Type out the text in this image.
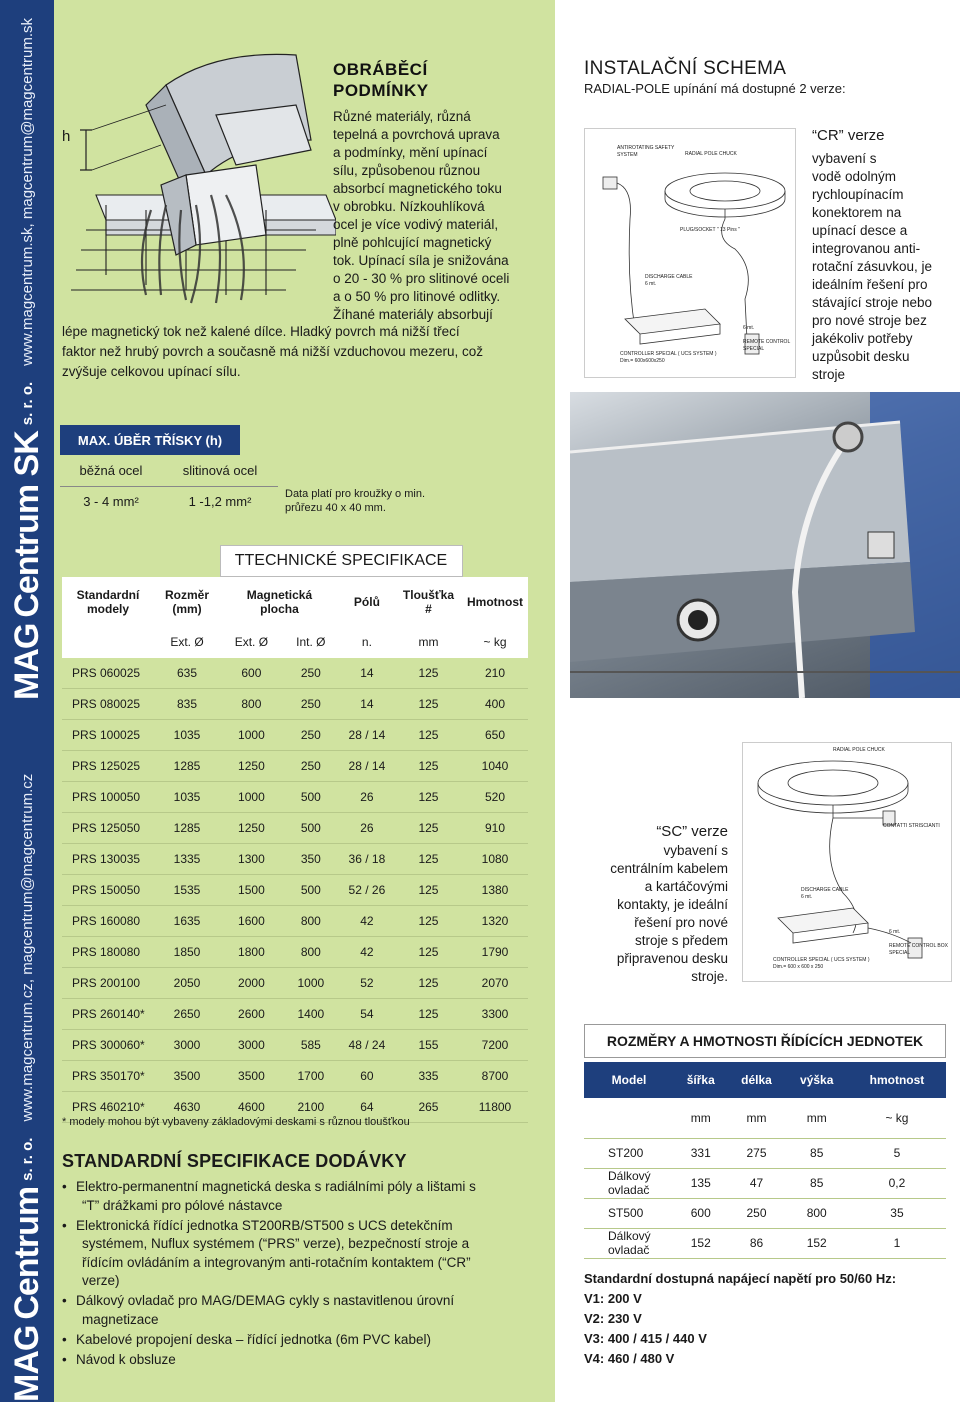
MAG
Centrum
s. r. o.
www.magcentrum.cz, magcentrum@magcentrum.cz
MAG
Centrum SK
s. r. o.
www.magcentrum.sk, magcentrum@magcentrum.sk h
OBRÁBĚCÍ
PODMÍNKY
Různé materiály, různá
tepelná a povrchová uprava
a podmínky, mění upínací
sílu, způsobenou různou
absorbcí magnetického toku
v obrobku. Nízkouhlíková
ocel je více vodivý materiál,
plně pohlcující magnetický
tok. Upínací síla je snižována
o 20 - 30 % pro slitinové oceli
a o 50 % pro litinové odlitky.
Žíhané materiály absorbují
lépe magnetický tok než kalené dílce. Hladký povrch má nižší třecí
faktor než hrubý povrch a současně má nižší vzduchovou mezeru, což
zvýšuje celkovou upínací sílu.
MAX. ÚBĚR TŘÍSKY (h)
běžná ocel	slitinová ocel
3 - 4 mm²	1 -1,2 mm²	Data platí pro kroužky o min.
průřezu 40 x 40 mm.
		TTECHNICKÉ SPECIFIKACE				
Standardní modely	Rozměr (mm)	Magnetická plocha		Pólů	Tloušťka #	Hmotnost
	Ext. Ø	Ext. Ø	Int. Ø	n.	mm	~ kg
PRS 060025	635	600	250	14	125	210
PRS 080025	835	800	250	14	125	400
PRS 100025	1035	1000	250	28 / 14	125	650
PRS 125025	1285	1250	250	28 / 14	125	1040
PRS 100050	1035	1000	500	26	125	520
PRS 125050	1285	1250	500	26	125	910
PRS 130035	1335	1300	350	36 / 18	125	1080
PRS 150050	1535	1500	500	52 / 26	125	1380
PRS 160080	1635	1600	800	42	125	1320
PRS 180080	1850	1800	800	42	125	1790
PRS 200100	2050	2000	1000	52	125	2070
PRS 260140*	2650	2600	1400	54	125	3300
PRS 300060*	3000	3000	585	48 / 24	155	7200
PRS 350170*	3500	3500	1700	60	335	8700
PRS 460210*	4630	4600	2100	64	265	11800
* modely mohou být vybaveny základovými deskami s různou tloušťkou
STANDARDNÍ SPECIFIKACE DODÁVKY
• Elektro-permanentní magnetická deska s radiálními póly a lištami s
“T” drážkami pro pólové nástavce
• Elektronická řídící jednotka ST200RB/ST500 s UCS detekčním
systémem, Nuflux systémem (“PRS” verze), bezpečností stroje a
řídícím ovládáním a integrovaným anti-rotačním kontaktem (“CR”
verze)
• Dálkový ovladač pro MAG/DEMAG cykly s nastavitlenou úrovní
magnetizace
• Kabelové propojení deska – řídící jednotka (6m PVC kabel)
• Návod k obsluze
INSTALAČNÍ SCHEMA
RADIAL-POLE upínání má dostupné 2 verze:
ANTIROTATING SAFETY
SYSTEM	RADIAL POLE CHUCK
PLUG/SOCKET " 13 Pins "
DISCHARGE CABLE
6 mt.
6 mt.
REMOTE CONTROL
SPECIAL
CONTROLLER SPECIAL ( UCS SYSTEM )
Dim.= 600x600x250
“CR” verze
vybavení s
vodě odolným
rychloupínacím
konektorem na
upínací desce a
integrovanou anti-
rotační zásuvkou, je
ideálním řešení pro
stávající stroje nebo
pro nové stroje bez
jakékoliv potřeby
uzpůsobit desku
stroje
RADIAL POLE CHUCK
CONTATTI STRISCIANTI
DISCHARGE CABLE
6 mt.
6 mt.
REMOTE CONTROL BOX
SPECIAL
CONTROLLER SPECIAL ( UCS SYSTEM )
Dim.= 600 x 600 x 250
“SC” verze
vybavení s
centrálním kabelem
a kartáčovými
kontakty, je ideální
řešení pro nové
stroje s předem
připravenou desku
stroje.
ROZMĚRY A HMOTNOSTI ŘÍDÍCÍCH JEDNOTEK
Model	šířka	délka	výška	hmotnost
	mm	mm	mm	~ kg
ST200	331	275	85	5
Dálkový ovladač	135	47	85	0,2
ST500	600	250	800	35
Dálkový ovladač	152	86	152	1
Standardní dostupná napájecí napětí pro 50/60 Hz:
V1: 200 V
V2: 230 V
V3: 400 / 415 / 440 V
V4: 460 / 480 V
